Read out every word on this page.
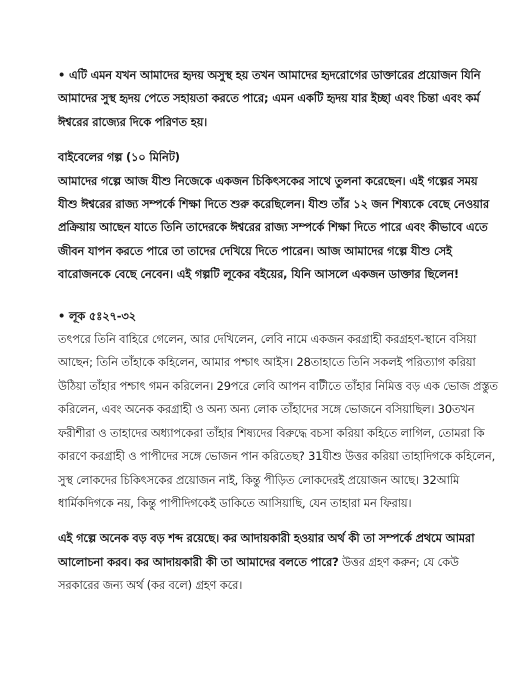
• এটি এমন যখন আমাদের হৃদয় অসুস্থ হয় তখন আমাদের হৃদরোগের ডাক্তারের প্রয়োজন যিনি আমাদের সুস্থ হৃদয় পেতে সহায়তা করতে পারে; এমন একটি হৃদয় যার ইচ্ছা এবং চিন্তা এবং কর্ম ঈশ্বরের রাজ্যের দিকে পরিণত হয়।

বাইবেলের গল্প (১০ মিনিট)

আমাদের গল্পে আজ যীশু নিজেকে একজন চিকিৎসকের সাথে তুলনা করেছেন। এই গল্পের সময় যীশু ঈশ্বরের রাজ্য সম্পর্কে শিক্ষা দিতে শুরু করেছিলেন। যীশু তাঁর ১২ জন শিষ্যকে বেছে নেওয়ার প্রক্রিয়ায় আছেন যাতে তিনি তাদেরকে ঈশ্বরের রাজ্য সম্পর্কে শিক্ষা দিতে পারে এবং কীভাবে এতে জীবন যাপন করতে পারে তা তাদের দেখিয়ে দিতে পারেন। আজ আমাদের গল্পে যীশু সেই বারোজনকে বেছে নেবেন। এই গল্পটি লূকের বইয়ের, যিনি আসলে একজন ডাক্তার ছিলেন!

• লূক ৫ঃ২৭-৩২

তৎপরে তিনি বাহিরে গেলেন, আর দেখিলেন, লেবি নামে একজন করগ্রাহী করগ্রহণ-স্থানে বসিয়া আছেন; তিনি তাঁহাকে কহিলেন, আমার পশ্চাৎ আইস। 28তাহাতে তিনি সকলই পরিত্যাগ করিয়া উঠিয়া তাঁহার পশ্চাৎ গমন করিলেন। 29পরে লেবি আপন বাটীতে তাঁহার নিমিত্ত বড় এক ভোজ প্রস্তুত করিলেন, এবং অনেক করগ্রাহী ও অন্য অন্য লোক তাঁহাদের সঙ্গে ভোজনে বসিয়াছিল। 30তখন ফরীশীরা ও তাহাদের অধ্যাপকেরা তাঁহার শিষ্যদের বিরুদ্ধে বচসা করিয়া কহিতে লাগিল, তোমরা কি কারণে করগ্রাহী ও পাপীদের সঙ্গে ভোজন পান করিতেছ? 31যীশু উত্তর করিয়া তাহাদিগকে কহিলেন, সুস্থ লোকদের চিকিৎসকের প্রয়োজন নাই, কিন্তু পীড়িত লোকদেরই প্রয়োজন আছে। 32আমি ধার্মিকদিগকে নয়, কিন্তু পাপীদিগকেই ডাকিতে আসিয়াছি, যেন তাহারা মন ফিরায়।

এই গল্পে অনেক বড় বড় শব্দ রয়েছে। কর আদায়কারী হওয়ার অর্থ কী তা সম্পর্কে প্রথমে আমরা আলোচনা করব। কর আদায়কারী কী তা আমাদের বলতে পারে? উত্তর গ্রহণ করুন; যে কেউ সরকারের জন্য অর্থ (কর বলে) গ্রহণ করে।
